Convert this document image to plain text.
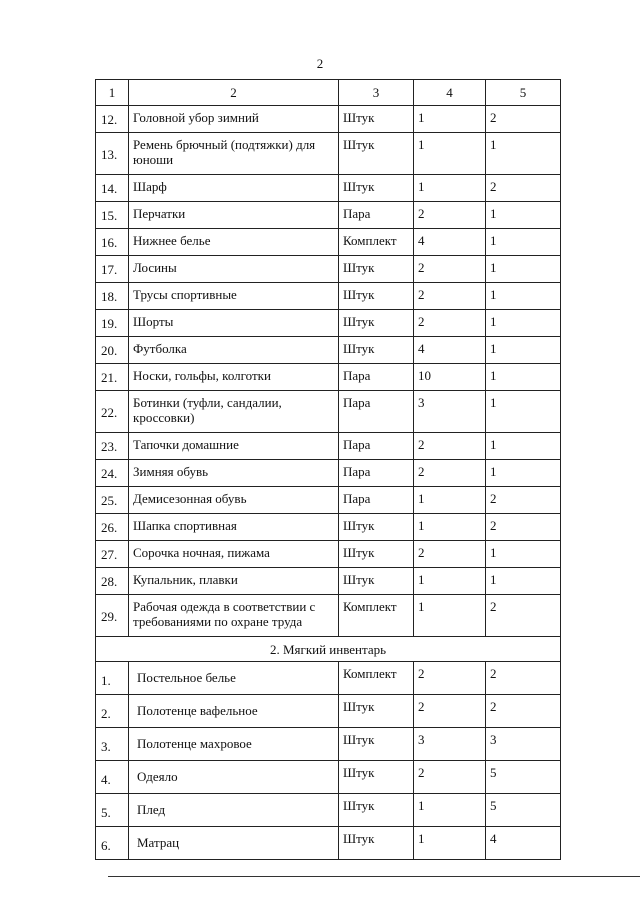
2
1	2	3	4	5
12.	Головной убор зимний	Штук	1	2
13.	Ремень брючный (подтяжки) для юноши	Штук	1	1
14.	Шарф	Штук	1	2
15.	Перчатки	Пара	2	1
16.	Нижнее белье	Комплект	4	1
17.	Лосины	Штук	2	1
18.	Трусы спортивные	Штук	2	1
19.	Шорты	Штук	2	1
20.	Футболка	Штук	4	1
21.	Носки, гольфы, колготки	Пара	10	1
22.	Ботинки (туфли, сандалии, кроссовки)	Пара	3	1
23.	Тапочки домашние	Пара	2	1
24.	Зимняя обувь	Пара	2	1
25.	Демисезонная обувь	Пара	1	2
26.	Шапка спортивная	Штук	1	2
27.	Сорочка ночная, пижама	Штук	2	1
28.	Купальник, плавки	Штук	1	1
29.	Рабочая одежда в соответствии с требованиями по охране труда	Комплект	1	2
2. Мягкий инвентарь				
1.	Постельное белье	Комплект	2	2
2.	Полотенце вафельное	Штук	2	2
3.	Полотенце махровое	Штук	3	3
4.	Одеяло	Штук	2	5
5.	Плед	Штук	1	5
6.	Матрац	Штук	1	4
